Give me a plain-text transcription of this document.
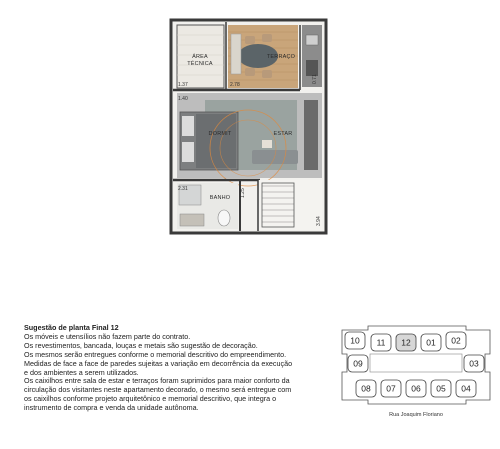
ÁREA
TÉCNICA
TERRAÇO
DORMIT	ESTAR
BANHO
1.37	2.78
1.40
2.31	1.25
0.71
3.94

Sugestão de planta Final 12

Os móveis e utensílios não fazem parte do contrato.

Os revestimentos, bancada, louças e metais são sugestão de decoração.

Os mesmos serão entregues conforme o memorial descritivo do empreendimento.

Medidas de face a face de paredes sujeitas a variação em decorrência da execução

e dos ambientes a serem utilizados.

Os caixilhos entre sala de estar e terraços foram suprimidos para maior conforto da

circulação dos visitantes neste apartamento decorado, o mesmo será entregue com

os caixilhos conforme projeto arquitetônico e memorial descritivo, que integra o

instrumento de compra e venda da unidade autônoma.

10 11 12 01 02
09	03
08 07 06 05 04
Rua Joaquim Floriano
